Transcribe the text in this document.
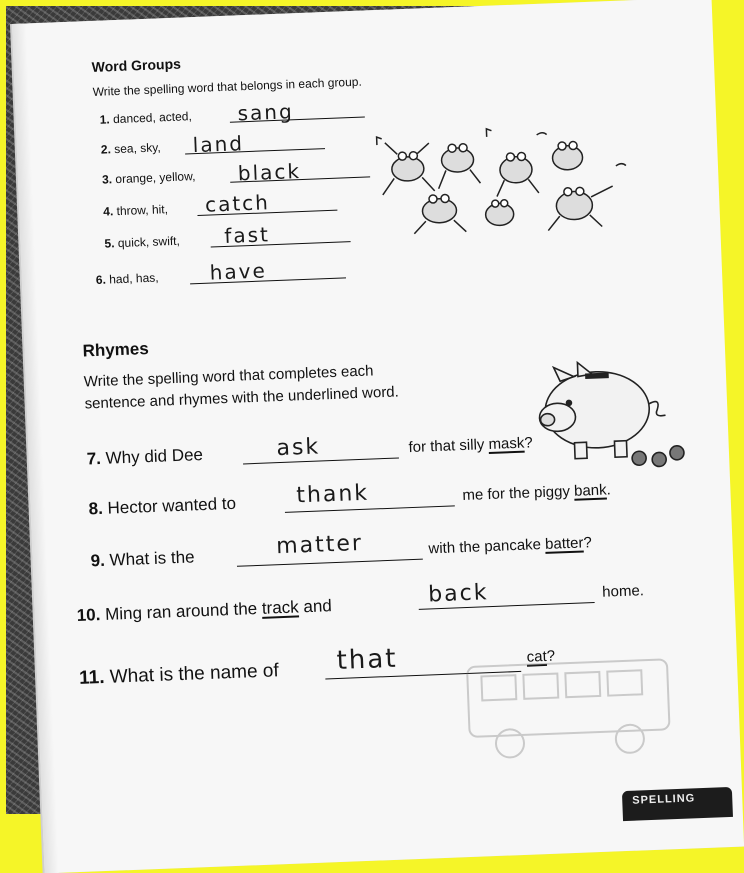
Word Groups
Write the spelling word that belongs in each group.
1. danced, acted, sang
2. sea, sky, land
3. orange, yellow, black
4. throw, hit, catch
5. quick, swift, fast
6. had, has,	have
Rhymes
Write the spelling word that completes each
sentence and rhymes with the underlined word.
7. Why did Dee	ask	for that silly mask?
8. Hector wanted to	thank	me for the piggy bank.
9. What is the	matter	with the pancake batter?
10. Ming ran around the track and	back	home.
11. What is the name of that	cat?
SPELLING
